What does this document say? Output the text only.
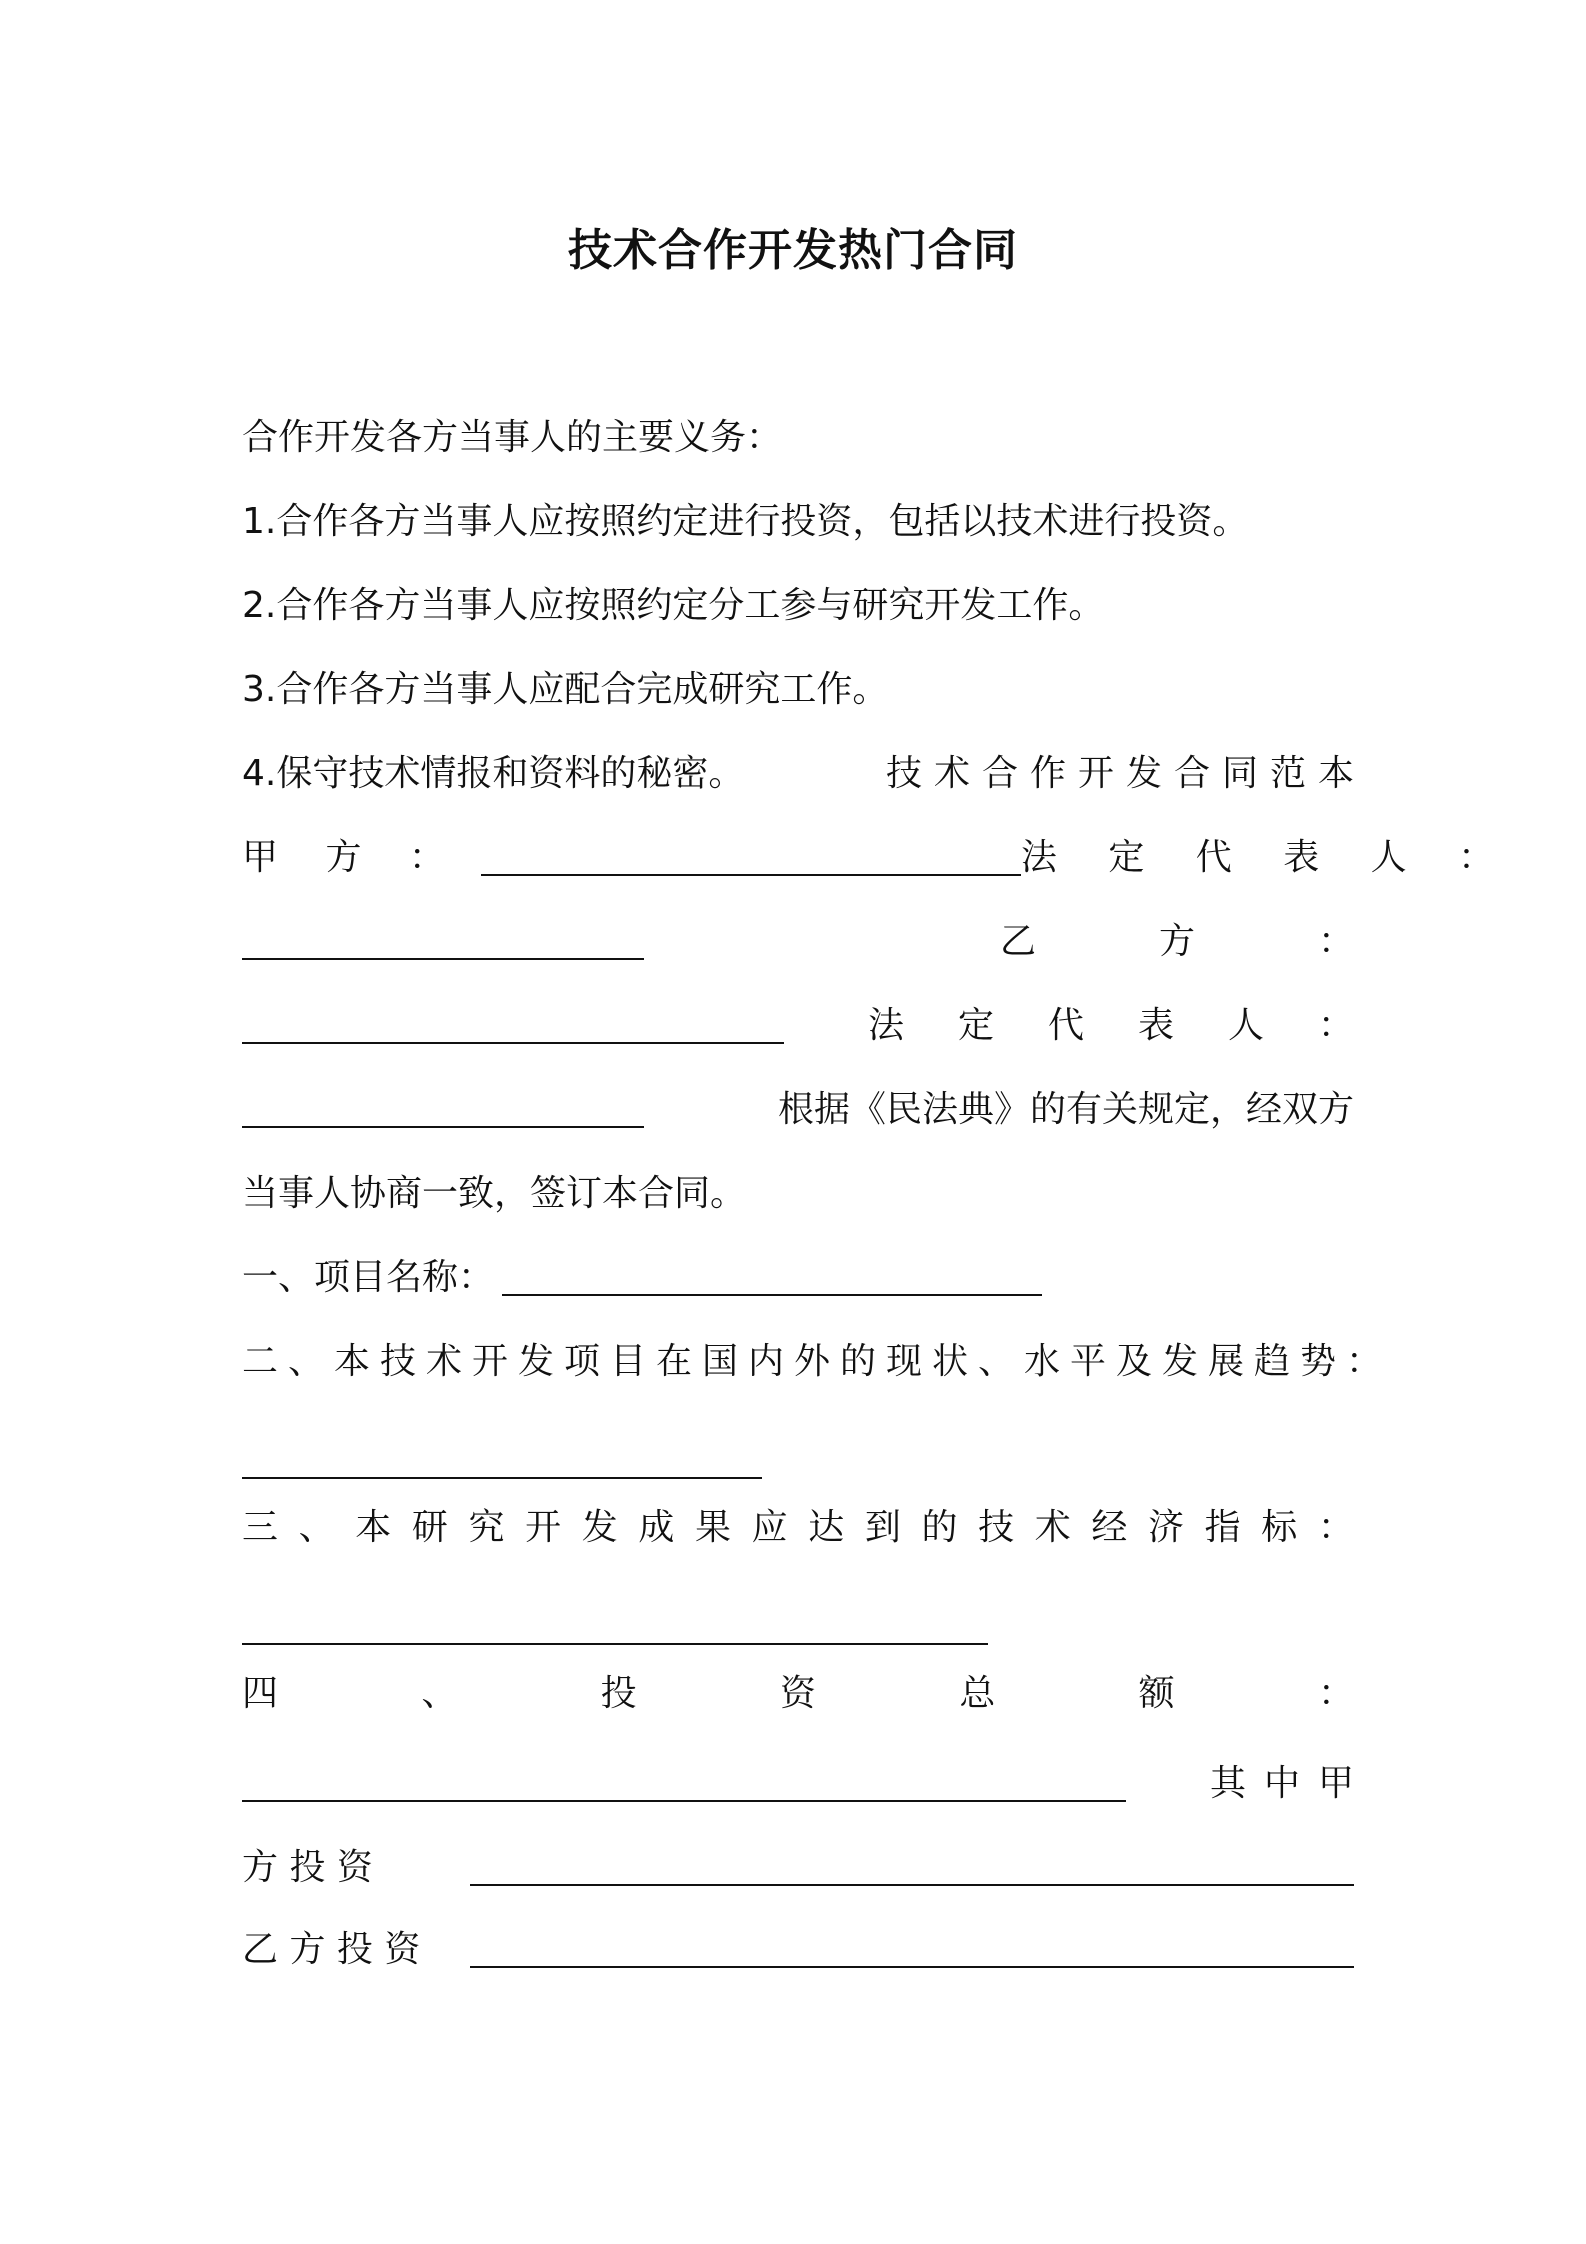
技术合作开发热门合同
合作开发各方当事人的主要义务：
1.合作各方当事人应按照约定进行投资，包括以技术进行投资。
2.合作各方当事人应按照约定分工参与研究开发工作。
3.合作各方当事人应配合完成研究工作。
4.保守技术情报和资料的秘密。	技术合作开发合同范本
甲 方 ：	法 定 代 表 人 ：
乙	方	：
法 定 代 表 人 ：
根据《民法典》的有关规定，经双方
当事人协商一致，签订本合同。
一、项目名称：
二、本技术开发项目在国内外的现状、水平及发展趋势：
三 、 本 研 究 开 发 成 果 应 达 到 的 技 术 经 济 指 标 ：
四	、	投	资	总	额	：
其中甲
方 投 资
乙 方 投 资
